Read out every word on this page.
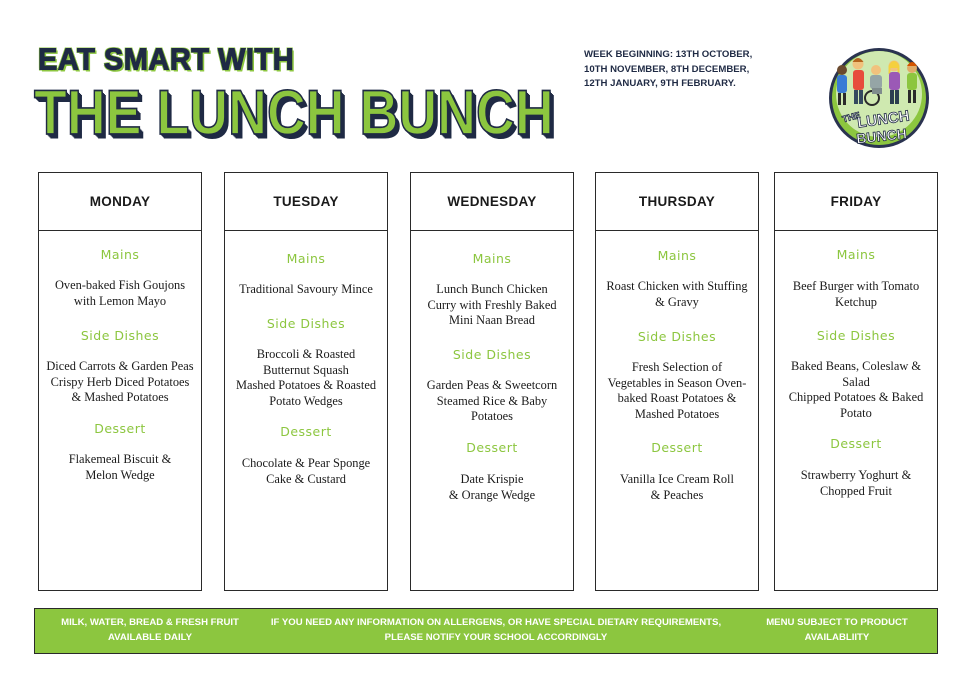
EAT SMART WITH
THE LUNCH BUNCH
WEEK BEGINNING: 13TH OCTOBER,
10TH NOVEMBER, 8TH DECEMBER,
12TH JANUARY, 9TH FEBRUARY.
THE
LUNCH
BUNCH
MONDAY
Mains
Oven-baked Fish Goujons
with Lemon Mayo
Side Dishes
Diced Carrots & Garden Peas
Crispy Herb Diced Potatoes
& Mashed Potatoes
Dessert
Flakemeal Biscuit &
Melon Wedge
TUESDAY
Mains
Traditional Savoury Mince
Side Dishes
Broccoli & Roasted
Butternut Squash
Mashed Potatoes & Roasted
Potato Wedges
Dessert
Chocolate & Pear Sponge
Cake & Custard
WEDNESDAY
Mains
Lunch Bunch Chicken
Curry with Freshly Baked
Mini Naan Bread
Side Dishes
Garden Peas & Sweetcorn
Steamed Rice & Baby
Potatoes
Dessert
Date Krispie
& Orange Wedge
THURSDAY
Mains
Roast Chicken with Stuffing
& Gravy
Side Dishes
Fresh Selection of
Vegetables in Season Oven-
baked Roast Potatoes &
Mashed Potatoes
Dessert
Vanilla Ice Cream Roll
& Peaches
FRIDAY
Mains
Beef Burger with Tomato
Ketchup
Side Dishes
Baked Beans, Coleslaw &
Salad
Chipped Potatoes & Baked
Potato
Dessert
Strawberry Yoghurt &
Chopped Fruit
MILK, WATER, BREAD & FRESH FRUIT
AVAILABLE DAILY
IF YOU NEED ANY INFORMATION ON ALLERGENS, OR HAVE SPECIAL DIETARY REQUIREMENTS,
PLEASE NOTIFY YOUR SCHOOL ACCORDINGLY
MENU SUBJECT TO PRODUCT
AVAILABLIITY
